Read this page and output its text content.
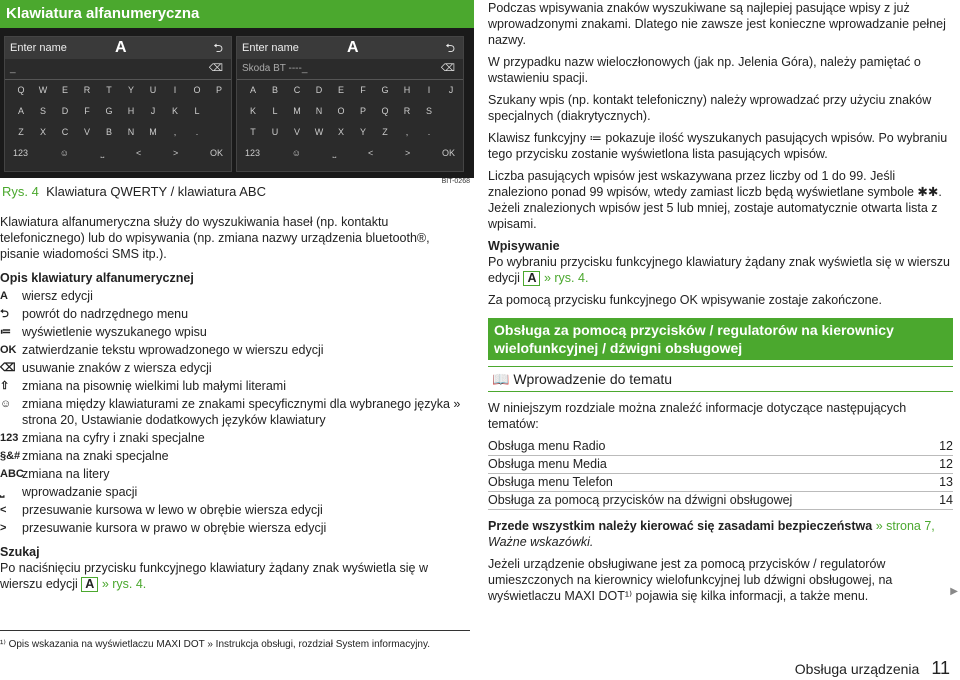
Klawiatura alfanumeryczna
Enter name	A	⮌
_	⌫
Q	W	E	R	T	Y	U	I	O	P
A	S	D	F	G	H	J	K	L
Z	X	C	V	B	N	M	,	.
123	☺	⎵	<	>	OK
Enter name	A	⮌
Skoda BT ----_	⌫
A	B	C	D	E	F	G	H	I	J
K	L	M	N	O	P	Q	R	S
T	U	V	W	X	Y	Z	,	.
123	☺	⎵	<	>	OK
BIT-0268
Rys. 4 Klawiatura QWERTY / klawiatura ABC

Klawiatura alfanumeryczna służy do wyszukiwania haseł (np. kontaktu telefonicznego) lub do wpisywania (np. zmiana nazwy urządzenia bluetooth®, pisanie wiadomości SMS itp.).

Opis klawiatury alfanumerycznej

A	wiersz edycji
⮌	powrót do nadrzędnego menu
≔ wyświetlenie wyszukanego wpisu
OK zatwierdzanie tekstu wprowadzonego w wierszu edycji
⌫ usuwanie znaków z wiersza edycji
⇧	zmiana na pisownię wielkimi lub małymi literami
☺ zmiana między klawiaturami ze znakami specyficznymi dla wybranego języka » strona 20, Ustawianie dodatkowych języków klawiatury
123 zmiana na cyfry i znaki specjalne
§&# zmiana na znaki specjalne
ABC
zmiana na litery
⎵	wprowadzanie spacji
<	przesuwanie kursowa w lewo w obrębie wiersza edycji
>	przesuwanie kursora w prawo w obrębie wiersza edycji

Szukaj

Po naciśnięciu przycisku funkcyjnego klawiatury żądany znak wyświetla się w wierszu edycji A » rys. 4.

Podczas wpisywania znaków wyszukiwane są najlepiej pasujące wpisy z już wprowadzonymi znakami. Dlatego nie zawsze jest konieczne wprowadzanie pełnej nazwy.

W przypadku nazw wieloczłonowych (jak np. Jelenia Góra), należy pamiętać o wstawieniu spacji.

Szukany wpis (np. kontakt telefoniczny) należy wprowadzać przy użyciu znaków specjalnych (diakrytycznych).

Klawisz funkcyjny ≔ pokazuje ilość wyszukanych pasujących wpisów. Po wybraniu tego przycisku zostanie wyświetlona lista pasujących wpisów.

Liczba pasujących wpisów jest wskazywana przez liczby od 1 do 99. Jeśli znaleziono ponad 99 wpisów, wtedy zamiast liczb będą wyświetlane symbole ✱✱. Jeżeli znalezionych wpisów jest 5 lub mniej, zostaje automatycznie otwarta lista z wpisami.

Wpisywanie

Po wybraniu przycisku funkcyjnego klawiatury żądany znak wyświetla się w wierszu edycji A » rys. 4.

Za pomocą przycisku funkcyjnego OK wpisywanie zostaje zakończone.

Obsługa za pomocą przycisków / regulatorów na kierownicy wielofunkcyjnej / dźwigni obsługowej
📖 Wprowadzenie do tematu

W niniejszym rozdziale można znaleźć informacje dotyczące następujących tematów:

Obsługa menu Radio	12
Obsługa menu Media	12
Obsługa menu Telefon	13
Obsługa za pomocą przycisków na dźwigni obsługowej	14

Przede wszystkim należy kierować się zasadami bezpieczeństwa » strona 7, Ważne wskazówki.

Jeżeli urządzenie obsługiwane jest za pomocą przycisków / regulatorów umieszczonych na kierownicy wielofunkcyjnej lub dźwigni obsługowej, na wyświetlaczu MAXI DOT¹⁾ pojawia się kilka informacji, a także menu.	▶
¹⁾ Opis wskazania na wyświetlaczu MAXI DOT » Instrukcja obsługi, rozdział System informacyjny.
Obsługa urządzenia 11
